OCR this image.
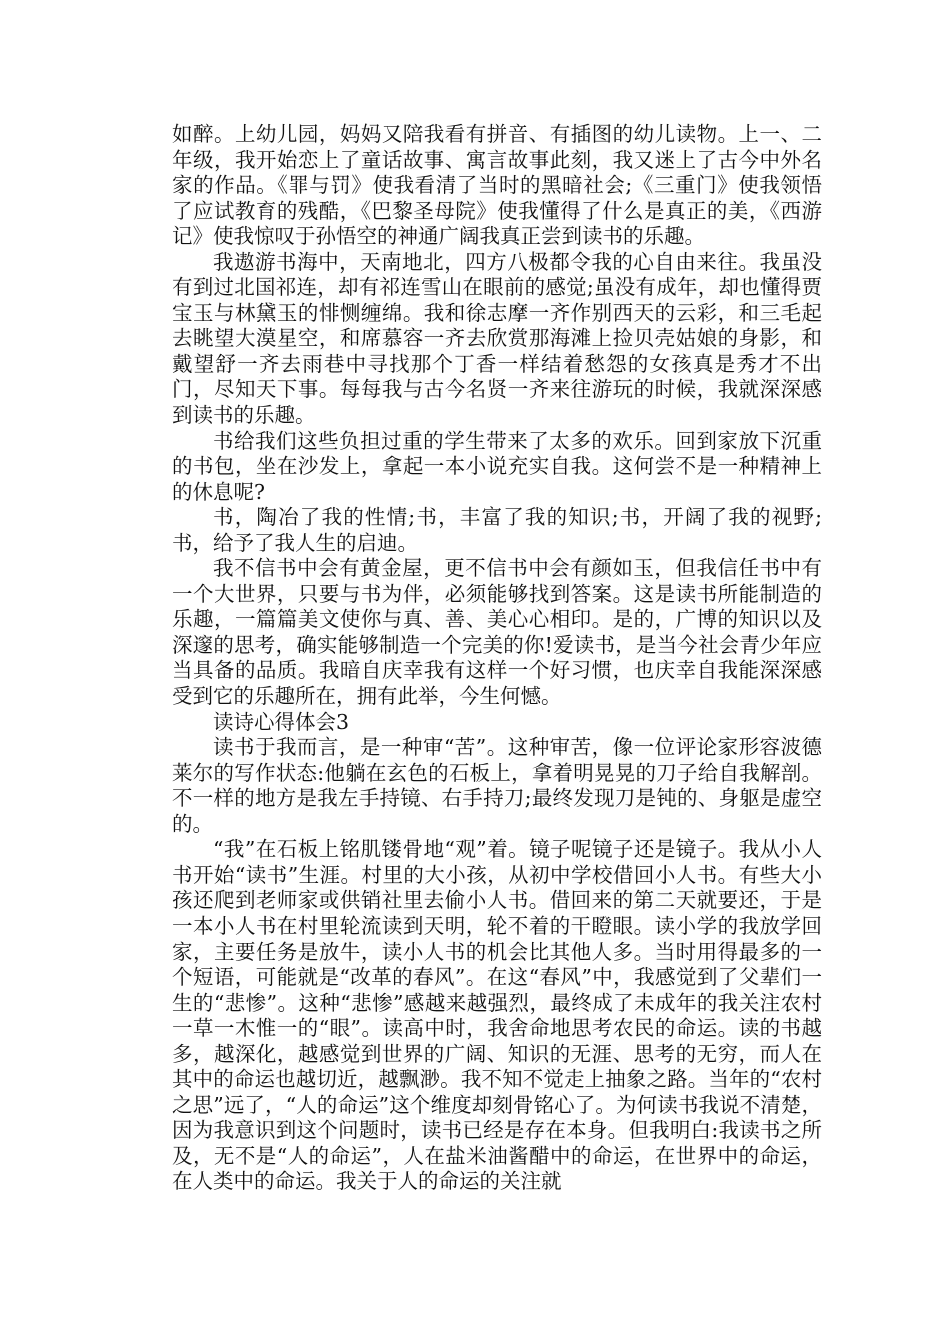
如醉。上幼儿园，妈妈又陪我看有拼音、有插图的幼儿读物。上一、二年级，我开始恋上了童话故事、寓言故事此刻，我又迷上了古今中外名家的作品。《罪与罚》使我看清了当时的黑暗社会;《三重门》使我领悟了应试教育的残酷，《巴黎圣母院》使我懂得了什么是真正的美，《西游记》使我惊叹于孙悟空的神通广阔我真正尝到读书的乐趣。

我遨游书海中，天南地北，四方八极都令我的心自由来往。我虽没有到过北国祁连，却有祁连雪山在眼前的感觉;虽没有成年，却也懂得贾宝玉与林黛玉的悱恻缠绵。我和徐志摩一齐作别西天的云彩，和三毛起去眺望大漠星空，和席慕容一齐去欣赏那海滩上捡贝壳姑娘的身影，和戴望舒一齐去雨巷中寻找那个丁香一样结着愁怨的女孩真是秀才不出门，尽知天下事。每每我与古今名贤一齐来往游玩的时候，我就深深感到读书的乐趣。

书给我们这些负担过重的学生带来了太多的欢乐。回到家放下沉重的书包，坐在沙发上，拿起一本小说充实自我。这何尝不是一种精神上的休息呢?

书，陶冶了我的性情;书，丰富了我的知识;书，开阔了我的视野;书，给予了我人生的启迪。

我不信书中会有黄金屋，更不信书中会有颜如玉，但我信任书中有一个大世界，只要与书为伴，必须能够找到答案。这是读书所能制造的乐趣，一篇篇美文使你与真、善、美心心相印。是的，广博的知识以及深邃的思考，确实能够制造一个完美的你!爱读书，是当今社会青少年应当具备的品质。我暗自庆幸我有这样一个好习惯，也庆幸自我能深深感受到它的乐趣所在，拥有此举，今生何憾。

读诗心得体会3

读书于我而言，是一种审“苦”。这种审苦，像一位评论家形容波德莱尔的写作状态:他躺在玄色的石板上，拿着明晃晃的刀子给自我解剖。不一样的地方是我左手持镜、右手持刀;最终发现刀是钝的、身躯是虚空的。

“我”在石板上铭肌镂骨地“观”着。镜子呢镜子还是镜子。我从小人书开始“读书”生涯。村里的大小孩，从初中学校借回小人书。有些大小孩还爬到老师家或供销社里去偷小人书。借回来的第二天就要还，于是一本小人书在村里轮流读到天明，轮不着的干瞪眼。读小学的我放学回家，主要任务是放牛，读小人书的机会比其他人多。当时用得最多的一个短语，可能就是“改革的春风”。在这“春风”中，我感觉到了父辈们一生的“悲惨”。这种“悲惨”感越来越强烈，最终成了未成年的我关注农村一草一木惟一的“眼”。读高中时，我舍命地思考农民的命运。读的书越多，越深化，越感觉到世界的广阔、知识的无涯、思考的无穷，而人在其中的命运也越切近，越飘渺。我不知不觉走上抽象之路。当年的“农村之思”远了，“人的命运”这个维度却刻骨铭心了。为何读书我说不清楚，因为我意识到这个问题时，读书已经是存在本身。但我明白:我读书之所及，无不是“人的命运”，人在盐米油酱醋中的命运，在世界中的命运，在人类中的命运。我关于人的命运的关注就
